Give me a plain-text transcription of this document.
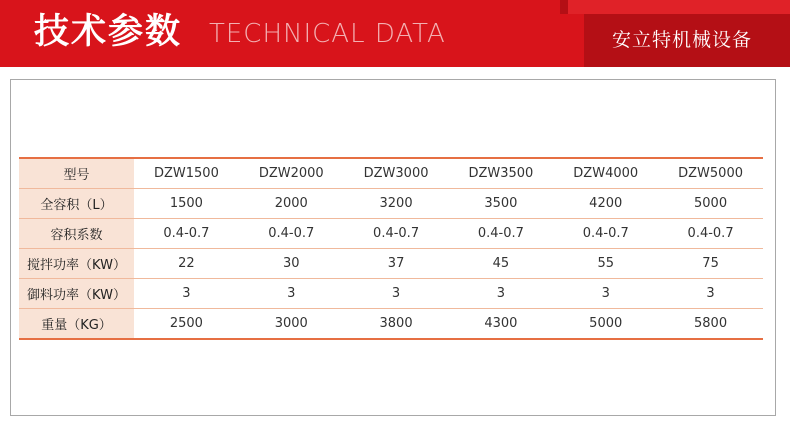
技术参数 TECHNICAL DATA	安立特机械设备
型号	DZW1500	DZW2000	DZW3000	DZW3500	DZW4000	DZW5000
全容积（L）	1500	2000	3200	3500	4200	5000
容积系数	0.4-0.7	0.4-0.7	0.4-0.7	0.4-0.7	0.4-0.7	0.4-0.7
搅拌功率（KW）	22	30	37	45	55	75
御料功率（KW）	3	3	3	3	3	3
重量（KG）	2500	3000	3800	4300	5000	5800
